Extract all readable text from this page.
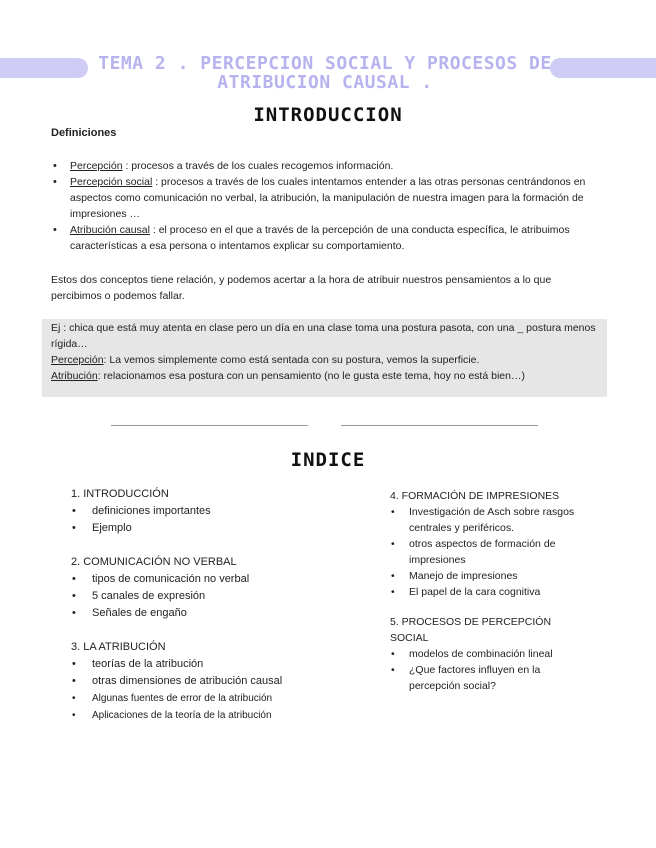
TEMA 2 . PERCEPCION SOCIAL Y PROCESOS DE
ATRIBUCION CAUSAL .
INTRODUCCION
Definiciones
• Percepción : procesos a través de los cuales recogemos información.
• Percepción social : procesos a través de los cuales intentamos entender a las otras personas centrándonos en aspectos como comunicación no verbal, la atribución, la manipulación de nuestra imagen para la formación de impresiones …
• Atribución causal : el proceso en el que a través de la percepción de una conducta específica, le atribuimos características a esa persona o intentamos explicar su comportamiento.
Estos dos conceptos tiene relación, y podemos acertar a la hora de atribuir nuestros pensamientos a lo que percibimos o podemos fallar.
Ej : chica que está muy atenta en clase pero un día en una clase toma una postura pasota, con una _ postura menos rígida…
Percepción: La vemos simplemente como está sentada con su postura, vemos la superficie.
Atribución: relacionamos esa postura con un pensamiento (no le gusta este tema, hoy no está bien…)
INDICE
1. INTRODUCCIÓN
• definiciones importantes
• Ejemplo
2. COMUNICACIÓN NO VERBAL
• tipos de comunicación no verbal
• 5 canales de expresión
• Señales de engaño
3. LA ATRIBUCIÓN
• teorías de la atribución
• otras dimensiones de atribución causal
• Algunas fuentes de error de la atribución
• Aplicaciones de la teoría de la atribución
4. FORMACIÓN DE IMPRESIONES
• Investigación de Asch sobre rasgos centrales y periféricos.
• otros aspectos de formación de impresiones
• Manejo de impresiones
• El papel de la cara cognitiva
5. PROCESOS DE PERCEPCIÓN SOCIAL
• modelos de combinación lineal
• ¿Que factores influyen en la percepción social?
